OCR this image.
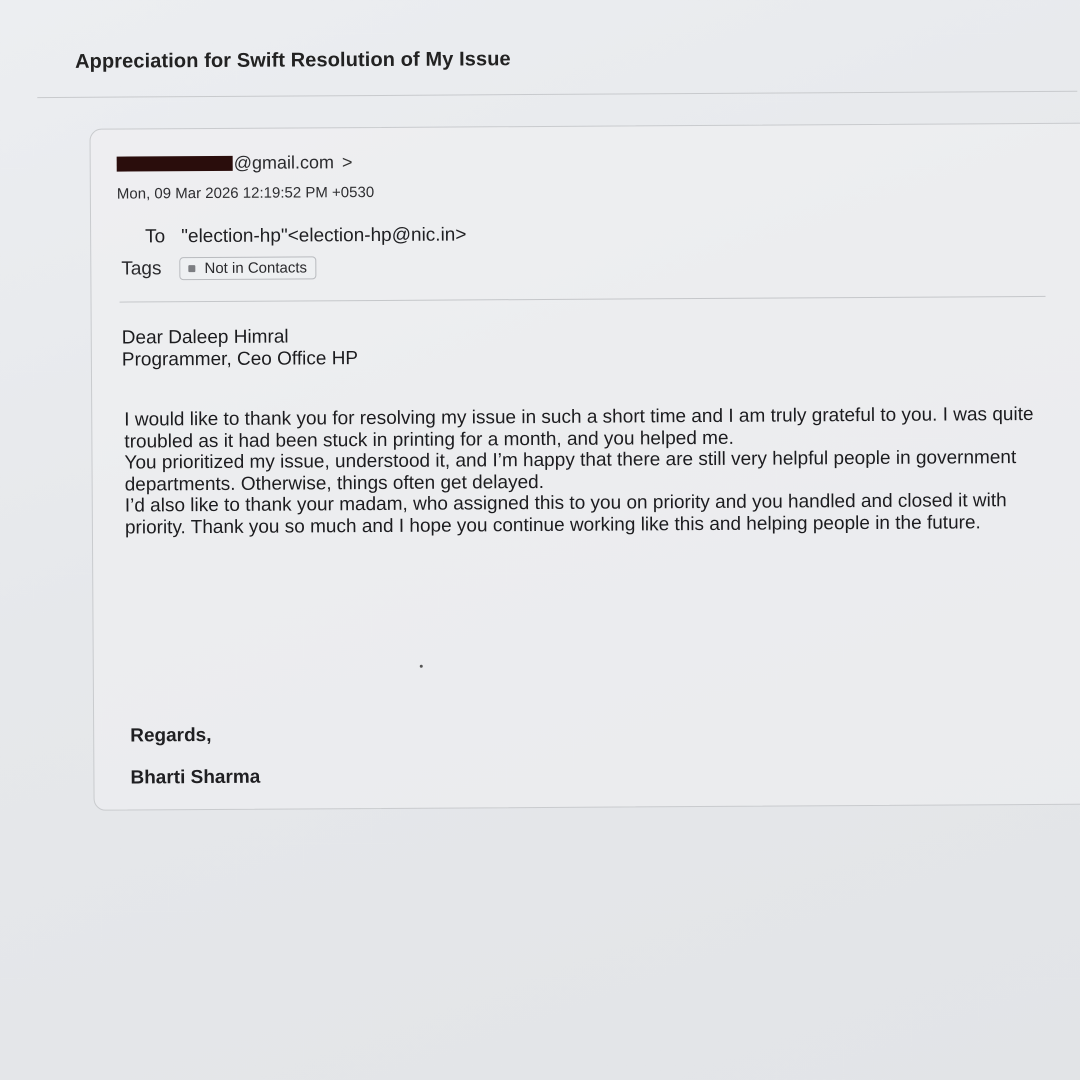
Appreciation for Swift Resolution of My Issue
@gmail.com >
Mon, 09 Mar 2026 12:19:52 PM +0530
To "election-hp"<election-hp@nic.in>
Tags	Not in Contacts
Dear Daleep Himral
Programmer, Ceo Office HP

I would like to thank you for resolving my issue in such a short time and I am truly grateful to you. I was quite troubled as it had been stuck in printing for a month, and you helped me.

You prioritized my issue, understood it, and I’m happy that there are still very helpful people in government departments. Otherwise, things often get delayed.

I’d also like to thank your madam, who assigned this to you on priority and you handled and closed it with priority. Thank you so much and I hope you continue working like this and helping people in the future.

Regards,
Bharti Sharma
